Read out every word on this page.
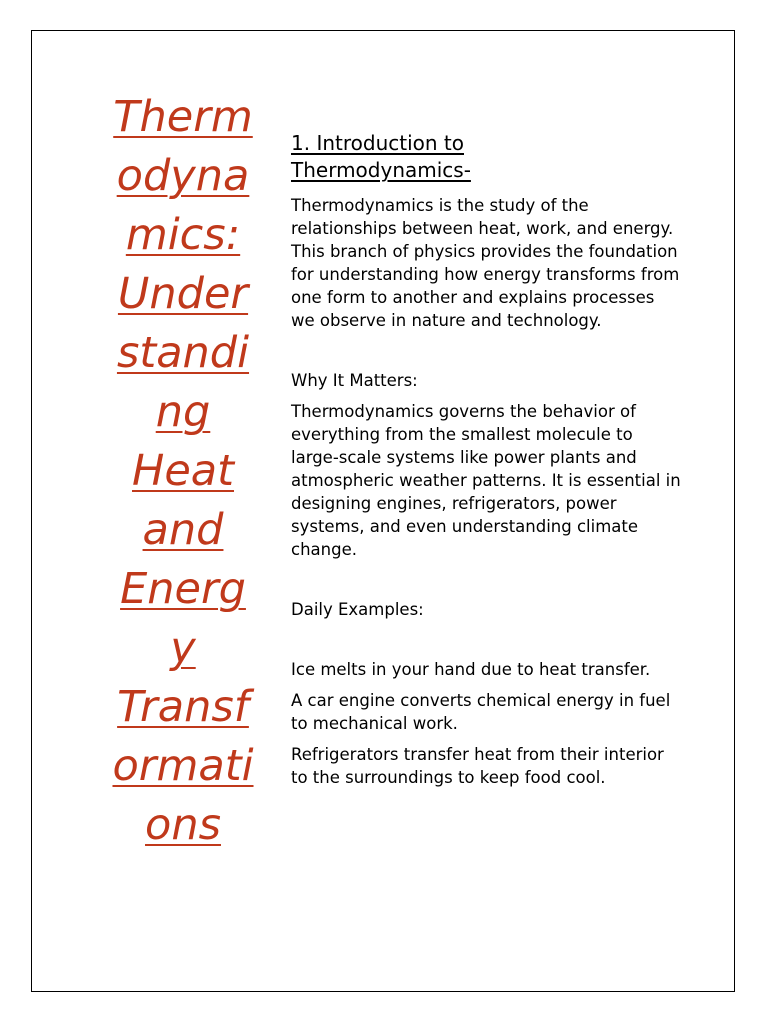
Therm
odyna
mics:
Under
standi
ng
Heat
and
Energ
y
Transf
ormati
ons
1. Introduction to
Thermodynamics-

Thermodynamics is the study of the relationships between heat, work, and energy. This branch of physics provides the foundation for understanding how energy transforms from one form to another and explains processes we observe in nature and technology.

Why It Matters:

Thermodynamics governs the behavior of everything from the smallest molecule to large-scale systems like power plants and atmospheric weather patterns. It is essential in designing engines, refrigerators, power systems, and even understanding climate change.

Daily Examples:

Ice melts in your hand due to heat transfer.

A car engine converts chemical energy in fuel to mechanical work.

Refrigerators transfer heat from their interior to the surroundings to keep food cool.
